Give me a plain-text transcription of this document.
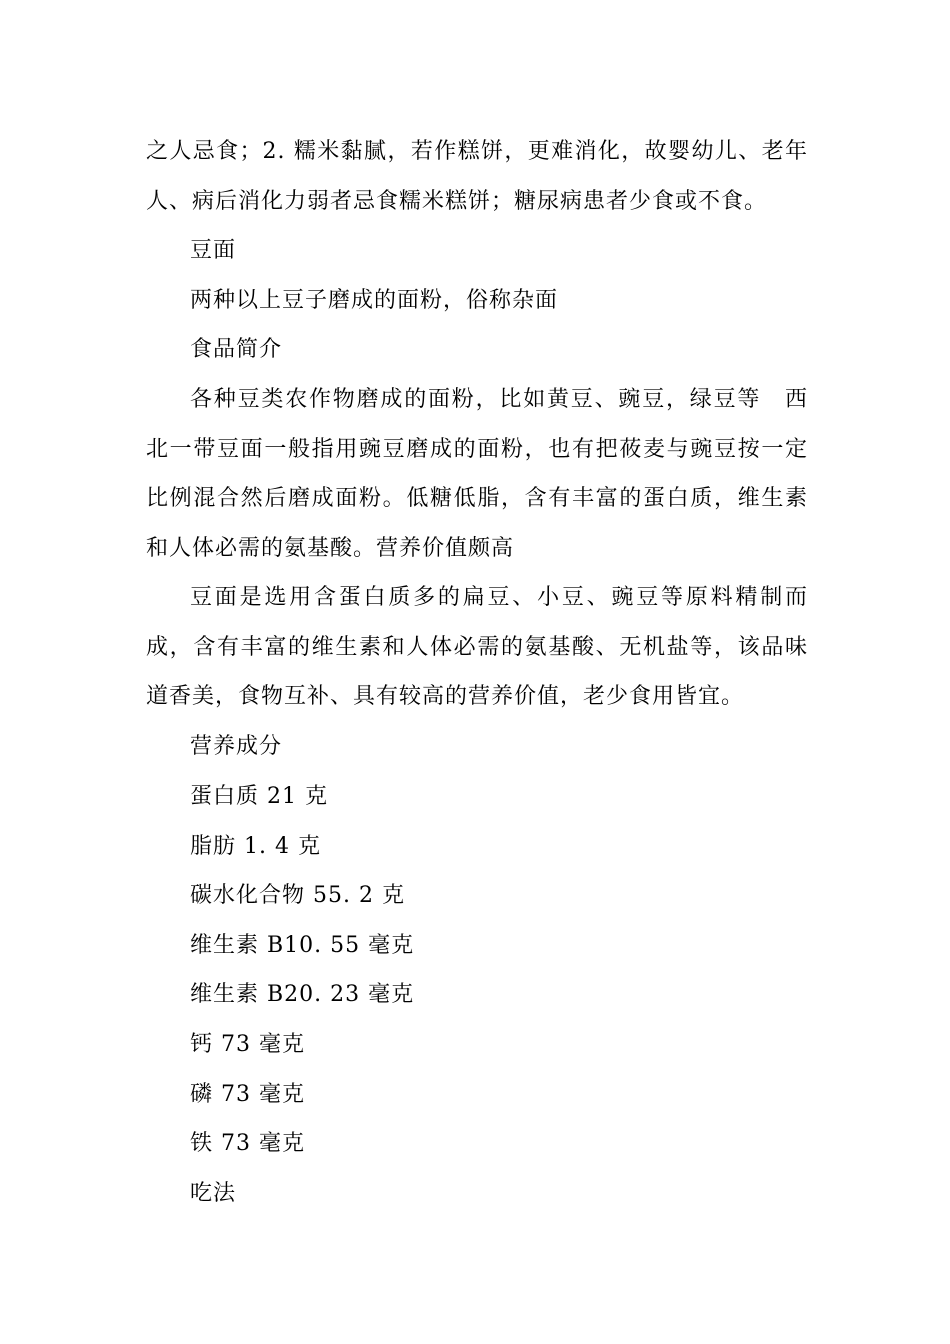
之人忌食；2. 糯米黏腻，若作糕饼，更难消化，故婴幼儿、老年人、病后消化力弱者忌食糯米糕饼；糖尿病患者少食或不食。
豆面
两种以上豆子磨成的面粉，俗称杂面
食品简介
各种豆类农作物磨成的面粉，比如黄豆、豌豆，绿豆等　西北一带豆面一般指用豌豆磨成的面粉，也有把莜麦与豌豆按一定比例混合然后磨成面粉。低糖低脂，含有丰富的蛋白质，维生素和人体必需的氨基酸。营养价值颇高
豆面是选用含蛋白质多的扁豆、小豆、豌豆等原料精制而成，含有丰富的维生素和人体必需的氨基酸、无机盐等，该品味道香美，食物互补、具有较高的营养价值，老少食用皆宜。
营养成分
蛋白质 21 克
脂肪 1. 4 克
碳水化合物 55. 2 克
维生素 B10. 55 毫克
维生素 B20. 23 毫克
钙 73 毫克
磷 73 毫克
铁 73 毫克
吃法
